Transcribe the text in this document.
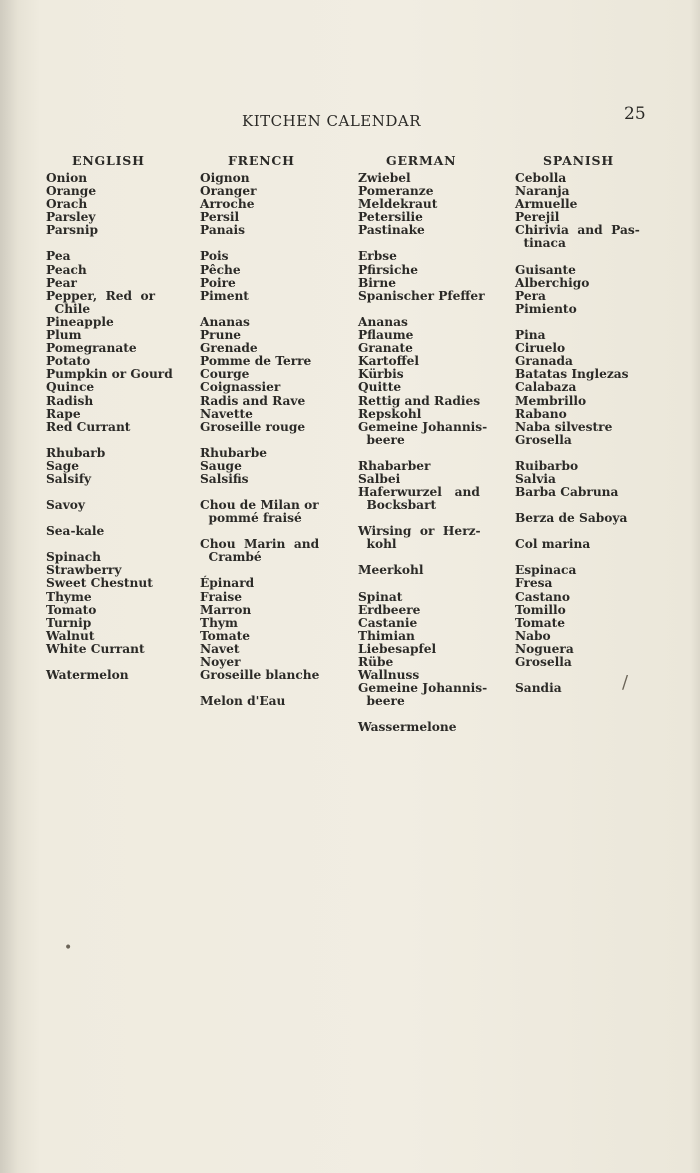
KITCHEN CALENDAR	25
ENGLISH
Onion
Orange
Orach
Parsley
Parsnip
Pea
Peach
Pear
Pepper,  Red  or
Chile
Pineapple
Plum
Pomegranate
Potato
Pumpkin or Gourd
Quince
Radish
Rape
Red Currant
Rhubarb
Sage
Salsify
Savoy
Sea-kale
Spinach
Strawberry
Sweet Chestnut
Thyme
Tomato
Turnip
Walnut
White Currant
Watermelon
FRENCH
Oignon
Oranger
Arroche
Persil
Panais
Pois
Pêche
Poire
Piment

Ananas
Prune
Grenade
Pomme de Terre
Courge
Coignassier
Radis and Rave
Navette
Groseille rouge
Rhubarbe
Sauge
Salsifis
Chou de Milan or
pommé fraisé
Chou  Marin  and
Crambé
Épinard
Fraise
Marron
Thym
Tomate
Navet
Noyer
Groseille blanche
Melon d'Eau
GERMAN
Zwiebel
Pomeranze
Meldekraut
Petersilie
Pastinake
Erbse
Pfirsiche
Birne
Spanischer Pfeffer

Ananas
Pflaume
Granate
Kartoffel
Kürbis
Quitte
Rettig and Radies
Repskohl
Gemeine Johannis-
beere
Rhabarber
Salbei
Haferwurzel   and
Bocksbart
Wirsing  or  Herz-
kohl
Meerkohl
Spinat
Erdbeere
Castanie
Thimian
Liebesapfel
Rübe
Wallnuss
Gemeine Johannis-
beere
Wassermelone
SPANISH
Cebolla
Naranja
Armuelle
Perejil
Chirivia  and  Pas-
tinaca
Guisante
Alberchigo
Pera
Pimiento

Pina
Ciruelo
Granada
Batatas Inglezas
Calabaza
Membrillo
Rabano
Naba silvestre
Grosella
Ruibarbo
Salvia
Barba Cabruna
Berza de Saboya
Col marina
Espinaca
Fresa
Castano
Tomillo
Tomate
Nabo
Noguera
Grosella
Sandia	/
•
